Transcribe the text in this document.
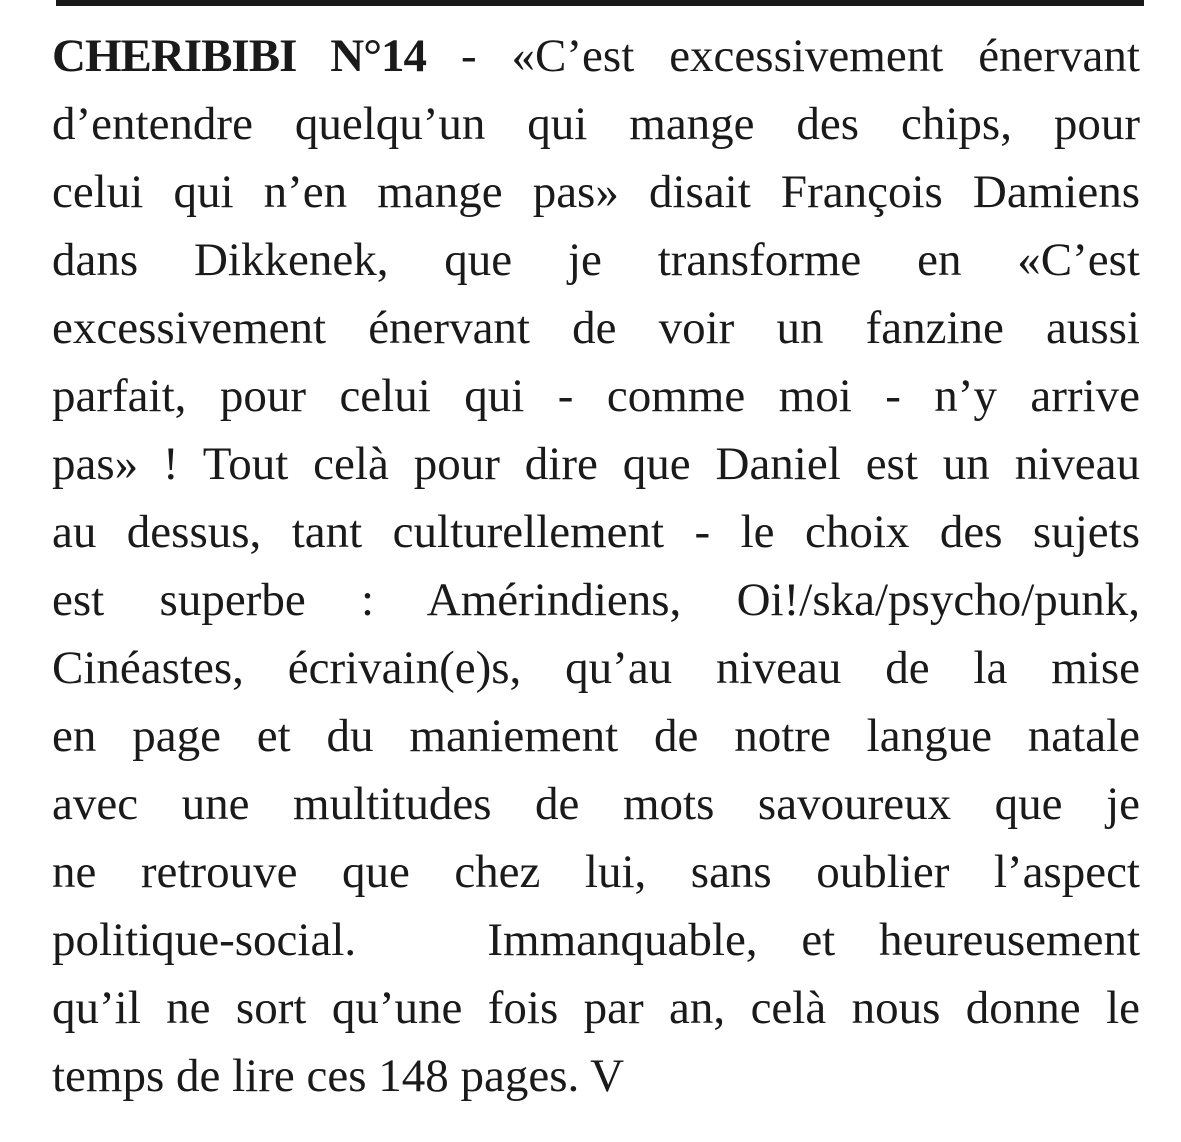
CHERIBIBI N°14 - «C’est excessivement énervant
d’entendre quelqu’un qui mange des chips, pour
celui qui n’en mange pas» disait François Damiens
dans Dikkenek, que je transforme en «C’est
excessivement énervant de voir un fanzine aussi
parfait, pour celui qui - comme moi - n’y arrive
pas» ! Tout celà pour dire que Daniel est un niveau
au dessus, tant culturellement - le choix des sujets
est superbe : Amérindiens, Oi!/ska/psycho/punk,
Cinéastes, écrivain(e)s, qu’au niveau de la mise
en page et du maniement de notre langue natale
avec une multitudes de mots savoureux que je
ne retrouve que chez lui, sans oublier l’aspect
politique-social.   Immanquable, et heureusement
qu’il ne sort qu’une fois par an, celà nous donne le
temps de lire ces 148 pages. V
